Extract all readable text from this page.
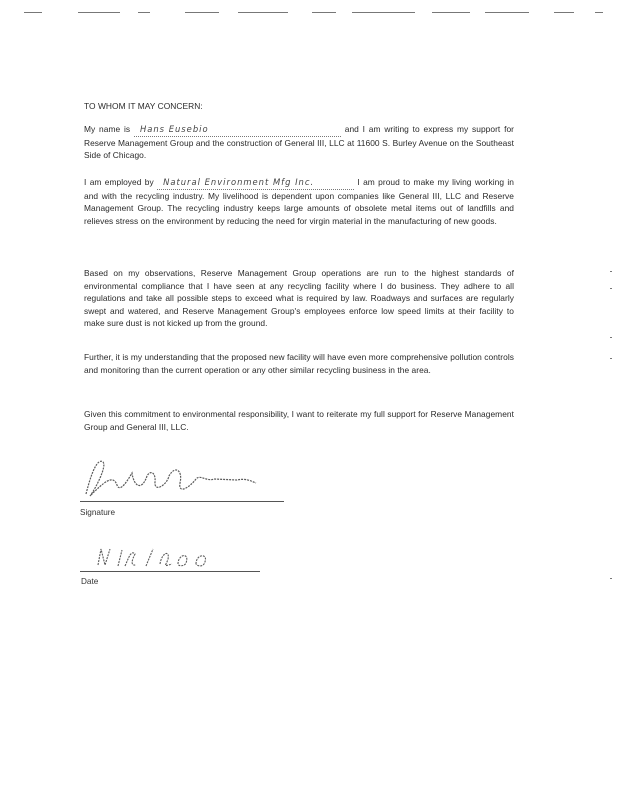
TO WHOM IT MAY CONCERN:

My name is Hans Eusebio	and I am writing to express my support for Reserve Management Group and the construction of General III, LLC at 11600 S. Burley Avenue on the Southeast Side of Chicago.

I am employed by Natural Environment Mfg Inc.	I am proud to make my living working in and with the recycling industry. My livelihood is dependent upon companies like General III, LLC and Reserve Management Group. The recycling industry keeps large amounts of obsolete metal items out of landfills and relieves stress on the environment by reducing the need for virgin material in the manufacturing of new goods.

Based on my observations, Reserve Management Group operations are run to the highest standards of environmental compliance that I have seen at any recycling facility where I do business. They adhere to all regulations and take all possible steps to exceed what is required by law. Roadways and surfaces are regularly swept and watered, and Reserve Management Group's employees enforce low speed limits at their facility to make sure dust is not kicked up from the ground.

Further, it is my understanding that the proposed new facility will have even more comprehensive pollution controls and monitoring than the current operation or any other similar recycling business in the area.

Given this commitment to environmental responsibility, I want to reiterate my full support for Reserve Management Group and General III, LLC.

Signature
Date
